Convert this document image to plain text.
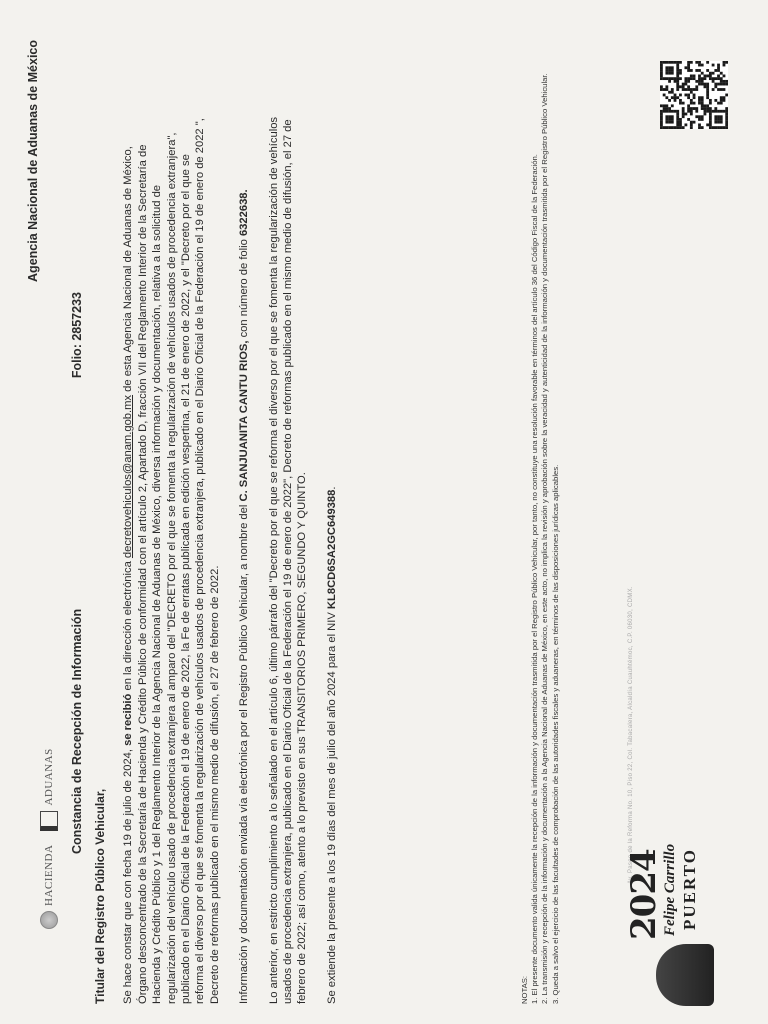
HACIENDA
ADUANAS
Agencia Nacional de Aduanas de México
Constancia de Recepción de Información
Folio: 2857233

Titular del Registro Público Vehicular, Se hace constar que con fecha 19 de julio de 2024, se recibió en la dirección electrónica decretovehiculos@anam.gob.mx de esta Agencia Nacional de Aduanas de México, Órgano desconcentrado de la Secretaría de Hacienda y Crédito Público de conformidad con el artículo 2, Apartado D, fracción VII del Reglamento Interior de la Secretaría de Hacienda y Crédito Público y 1 del Reglamento Interior de la Agencia Nacional de Aduanas de México, diversa información y documentación, relativa a la solicitud de regularización del vehículo usado de procedencia extranjera al amparo del "DECRETO por el que se fomenta la regularización de vehículos usados de procedencia extranjera", publicado en el Diario Oficial de la Federación el 19 de enero de 2022, la Fe de erratas publicada en edición vespertina, el 21 de enero de 2022, y el "Decreto por el que se reforma el diverso por el que se fomenta la regularización de vehículos usados de procedencia extranjera, publicado en el Diario Oficial de la Federación el 19 de enero de 2022 ", Decreto de reformas publicado en el mismo medio de difusión, el 27 de febrero de 2022. Información y documentación enviada vía electrónica por el Registro Público Vehicular, a nombre del C. SANJUANITA CANTU RIOS, con número de folio 6322638. Lo anterior, en estricto cumplimiento a lo señalado en el artículo 6, último párrafo del "Decreto por el que se reforma el diverso por el que se fomenta la regularización de vehículos usados de procedencia extranjera, publicado en el Diario Oficial de la Federación el 19 de enero de 2022", Decreto de reformas publicado en el mismo medio de difusión, el 27 de febrero de 2022; así como, atento a lo previsto en sus TRANSITORIOS PRIMERO, SEGUNDO Y QUINTO. Se extiende la presente a los 19 días del mes de julio del año 2024 para el NIV KL8CD6SA2GC649388.

NOTAS: 1. El presente documento valida únicamente la recepción de la información y documentación trasmitida por el Registro Público Vehicular, por tanto, no constituye una resolución favorable en términos del artículo 36 del Código Fiscal de la Federación. 2. La transmisión y recepción de la información y documentación a la Agencia Nacional de Aduanas de México, en este acto, no implica la revisión y aprobación sobre la veracidad y autenticidad de la información y documentación trasmitida por el Registro Público Vehicular. 3. Queda a salvo el ejercicio de las facultades de comprobación de las autoridades fiscales y aduaneras, en términos de las disposiciones jurídicas aplicables.	Av. Paseo de la Reforma No. 10, Piso 22, Col. Tabacalera, Alcaldía Cuauhtémoc, C.P. 06030, CDMX.
2024
Felipe Carrillo PUERTO
